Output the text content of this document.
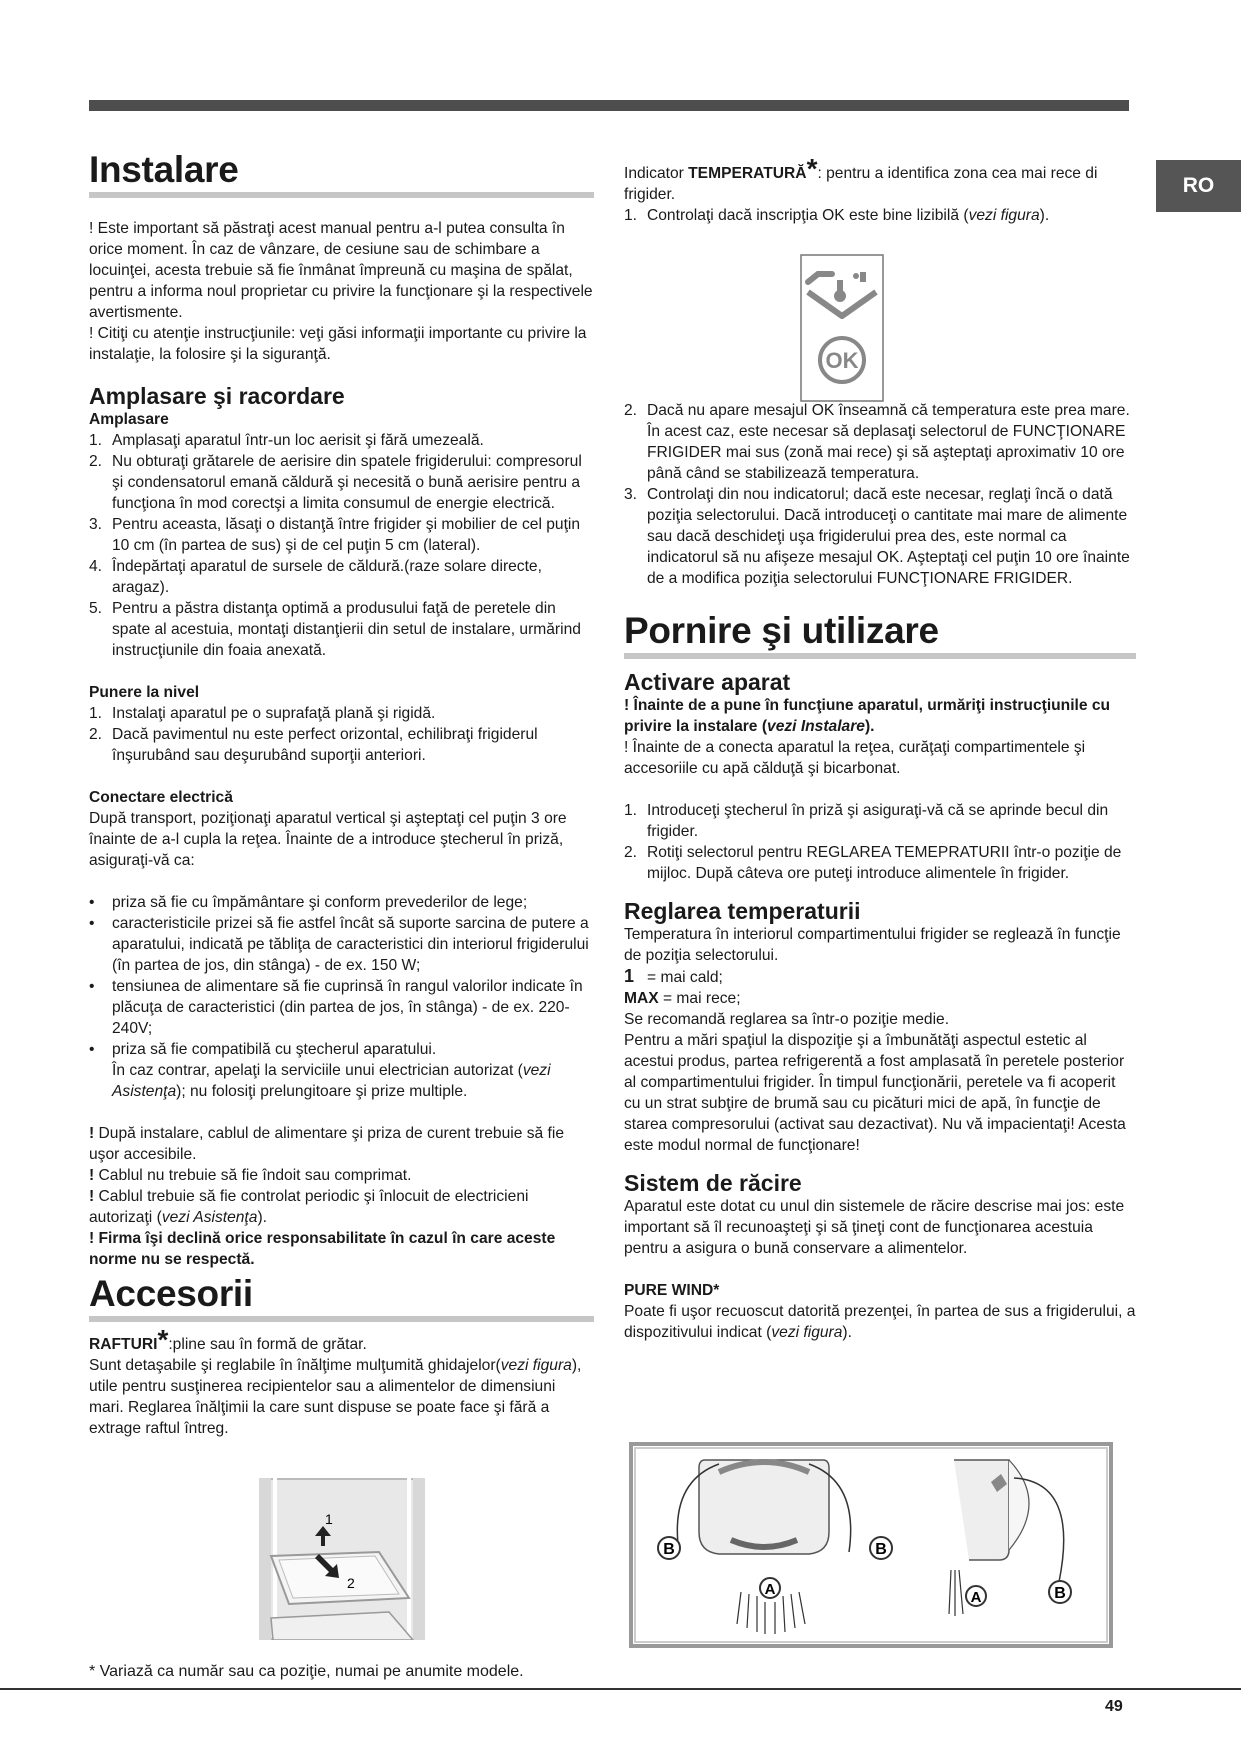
RO
Instalare

! Este important să păstraţi acest manual pentru a-l putea consulta în orice moment. În caz de vânzare, de cesiune sau de schimbare a locuinţei, acesta trebuie să fie înmânat împreună cu maşina de spălat, pentru a informa noul proprietar cu privire la funcţionare şi la respectivele avertismente.

! Citiţi cu atenţie instrucţiunile: veţi găsi informaţii importante cu privire la instalaţie, la folosire şi la siguranţă.

Amplasare şi racordare

Amplasare

1. Amplasaţi aparatul într-un loc aerisit şi fără umezeală.
2. Nu obturaţi grătarele de aerisire din spatele frigiderului: compresorul şi condensatorul emană căldură şi necesită o bună aerisire pentru a funcţiona în mod corectşi a limita consumul de energie electrică.
3. Pentru aceasta, lăsaţi o distanţă între frigider şi mobilier de cel puţin 10 cm (în partea de sus) şi de cel puţin 5 cm (lateral).
4. Îndepărtaţi aparatul de sursele de căldură.(raze solare directe, aragaz).
5. Pentru a păstra distanţa optimă a produsului faţă de peretele din spate al acestuia, montaţi distanţierii din setul de instalare, urmărind instrucţiunile din foaia anexată.

Punere la nivel

1. Instalaţi aparatul pe o suprafaţă plană şi rigidă.
2. Dacă pavimentul nu este perfect orizontal, echilibraţi frigiderul înşurubând sau deşurubând suporţii anteriori.

Conectare electrică

După transport, poziţionaţi aparatul vertical şi aşteptaţi cel puţin 3 ore înainte de a-l cupla la reţea. Înainte de a introduce ştecherul în priză, asiguraţi-vă ca:

• priza să fie cu împământare şi conform prevederilor de lege;
• caracteristicile prizei să fie astfel încât să suporte sarcina de putere a aparatului, indicată pe tăbliţa de caracteristici din interiorul frigiderului (în partea de jos, din stânga) - de ex. 150 W;
• tensiunea de alimentare să fie cuprinsă în rangul valorilor indicate în plăcuţa de caracteristici (din partea de jos, în stânga) - de ex. 220-240V;
• priza să fie compatibilă cu ştecherul aparatului.

În caz contrar, apelaţi la serviciile unui electrician autorizat (vezi Asistenţa); nu folosiţi prelungitoare şi prize multiple.

! După instalare, cablul de alimentare şi priza de curent trebuie să fie uşor accesibile.

! Cablul nu trebuie să fie îndoit sau comprimat.

! Cablul trebuie să fie controlat periodic şi înlocuit de electricieni autorizaţi (vezi Asistenţa).

! Firma îşi declină orice responsabilitate în cazul în care aceste norme nu se respectă.

Accesorii

RAFTURI*:pline sau în formă de grătar.

Sunt detaşabile şi reglabile în înălţime mulţumită ghidajelor(vezi figura), utile pentru susţinerea recipientelor sau a alimentelor de dimensiuni mari. Reglarea înălţimii la care sunt dispuse se poate face şi fără a extrage raftul întreg.

1
2

Indicator TEMPERATURĂ*: pentru a identifica zona cea mai rece di frigider.

1. Controlaţi dacă inscripţia OK este bine lizibilă (vezi figura).
2. Dacă nu apare mesajul OK înseamnă că temperatura este prea mare. În acest caz, este necesar să deplasaţi selectorul de FUNCŢIONARE FRIGIDER mai sus (zonă mai rece) şi să aşteptaţi aproximativ 10 ore până când se stabilizează temperatura.
3. Controlaţi din nou indicatorul; dacă este necesar, reglaţi încă o dată poziţia selectorului. Dacă introduceţi o cantitate mai mare de alimente sau dacă deschideţi uşa frigiderului prea des, este normal ca indicatorul să nu afişeze mesajul OK. Aşteptaţi cel puţin 10 ore înainte de a modifica poziţia selectorului FUNCŢIONARE FRIGIDER.
Pornire şi utilizare
Activare aparat

! Înainte de a pune în funcţiune aparatul, urmăriţi instrucţiunile cu privire la instalare (vezi Instalare).

! Înainte de a conecta aparatul la reţea, curăţaţi compartimentele şi accesoriile cu apă călduţă şi bicarbonat.

1. Introduceţi ştecherul în priză şi asiguraţi-vă că se aprinde becul din frigider.
2. Rotiţi selectorul pentru REGLAREA TEMEPRATURII într-o poziţie de mijloc. După câteva ore puteţi introduce alimentele în frigider.
Reglarea temperaturii

Temperatura în interiorul compartimentului frigider se reglează în funcţie de poziţia selectorului.

1 = mai cald;

MAX = mai rece;

Se recomandă reglarea sa într-o poziţie medie.

Pentru a mări spaţiul la dispoziţie şi a îmbunătăţi aspectul estetic al acestui produs, partea refrigerentă a fost amplasată în peretele posterior al compartimentului frigider. În timpul funcţionării, peretele va fi acoperit cu un strat subţire de brumă sau cu picături mici de apă, în funcţie de starea compresorului (activat sau dezactivat). Nu vă impacientaţi! Acesta este modul normal de funcţionare!

Sistem de răcire

Aparatul este dotat cu unul din sistemele de răcire descrise mai jos: este important să îl recunoaşteţi şi să ţineţi cont de funcţionarea acestuia pentru a asigura o bună conservare a alimentelor.

PURE WIND*

Poate fi uşor recuoscut datorită prezenţei, în partea de sus a frigiderului, a dispozitivului indicat (vezi figura).

OK
B	B
A	B
A
* Variază ca număr sau ca poziţie, numai pe anumite modele.
49
